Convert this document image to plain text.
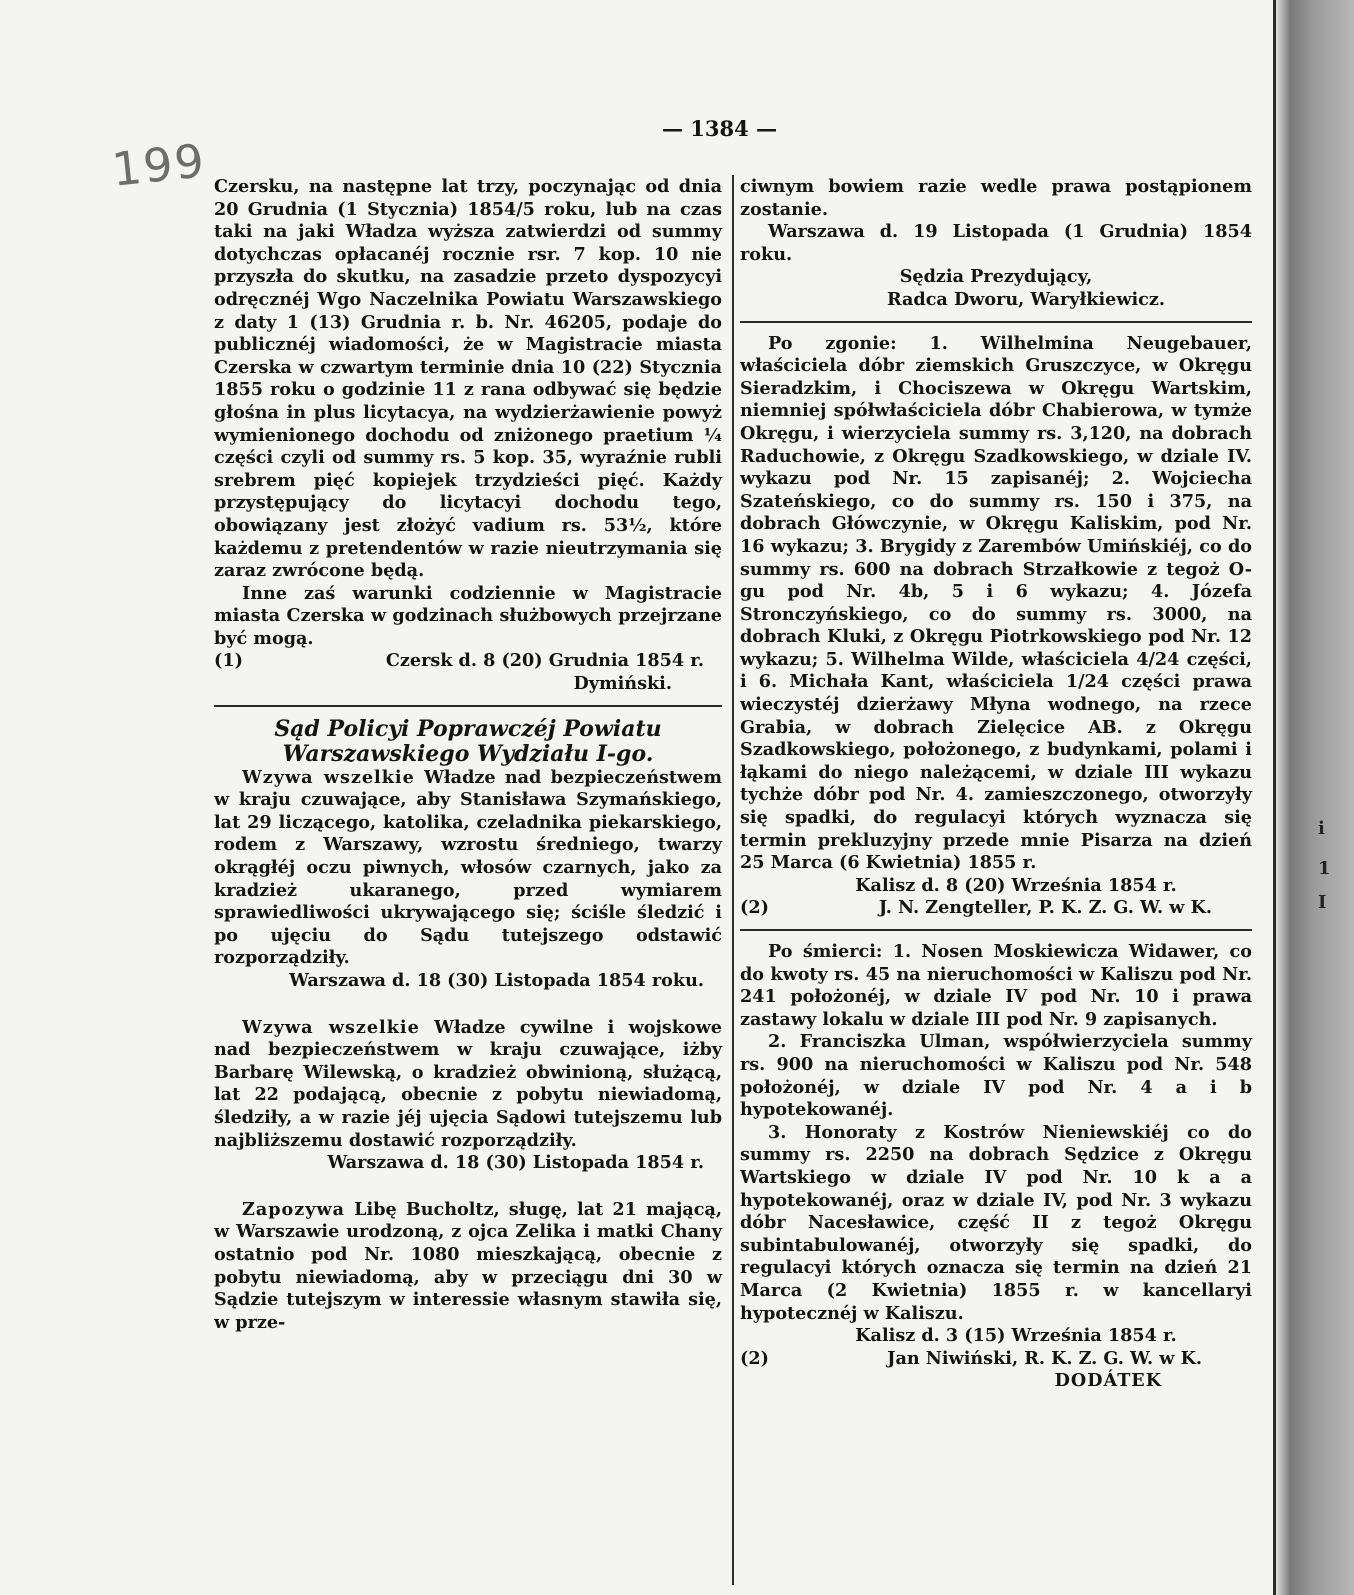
i
1
I
199
— 1384 —

Czersku, na następne lat trzy, poczynając od dnia 20 Grudnia (1 Stycznia) 1854/5 roku, lub na czas taki na jaki Władza wyższa zatwierdzi od summy dotychczas opłacanéj rocznie rsr. 7 kop. 10 nie przyszła do skutku, na zasadzie przeto dyspozycyi odręcznéj Wgo Naczelnika Powiatu Warszawskiego z daty 1 (13) Grudnia r. b. Nr. 46205, podaje do publicznéj wiadomości, że w Magistracie miasta Czerska w czwartym terminie dnia 10 (22) Stycznia 1855 roku o godzinie 11 z rana odbywać się będzie głośna in plus licytacya, na wydzierżawienie powyż wymienionego dochodu od zniżonego praetium ¼ części czyli od summy rs. 5 kop. 35, wyraźnie rubli srebrem pięć kopiejek trzydzieści pięć. Każdy przystępujący do licytacyi dochodu tego, obowiązany jest złożyć vadium rs. 53½, które każdemu z pretendentów w razie nieutrzymania się zaraz zwrócone będą.

Inne zaś warunki codziennie w Magistracie miasta Czerska w godzinach służbowych przejrzane być mogą.

(1)	Czersk d. 8 (20) Grudnia 1854 r.

Dymiński.

Sąd Policyi Poprawczéj Powiatu Warszawskiego Wydziału I-go.

Wzywa wszelkie Władze nad bezpieczeństwem w kraju czuwające, aby Stanisława Szymańskiego, lat 29 liczącego, katolika, czeladnika piekarskiego, rodem z Warszawy, wzrostu średniego, twarzy okrągłéj oczu piwnych, włosów czarnych, jako za kradzież ukaranego, przed wymiarem sprawiedliwości ukrywającego się; ściśle śledzić i po ujęciu do Sądu tutejszego odstawić rozporządziły.

Warszawa d. 18 (30) Listopada 1854 roku.

Wzywa wszelkie Władze cywilne i wojskowe nad bezpieczeństwem w kraju czuwające, iżby Barbarę Wilewską, o kradzież obwinioną, służącą, lat 22 podającą, obecnie z pobytu niewiadomą, śledziły, a w razie jéj ujęcia Sądowi tutejszemu lub najbliższemu dostawić rozporządziły.

Warszawa d. 18 (30) Listopada 1854 r.

Zapozywa Libę Bucholtz, sługę, lat 21 mającą, w Warszawie urodzoną, z ojca Zelika i matki Chany ostatnio pod Nr. 1080 mieszkającą, obecnie z pobytu niewiadomą, aby w przeciągu dni 30 w Sądzie tutejszym w interessie własnym stawiła się, w prze-

ciwnym bowiem razie wedle prawa postąpionem zostanie.

Warszawa d. 19 Listopada (1 Grudnia) 1854 roku.

Sędzia Prezydujący,

Radca Dworu, Waryłkiewicz.

Po zgonie: 1. Wilhelmina Neugebauer, właściciela dóbr ziemskich Gruszczyce, w Okręgu Sieradzkim, i Chociszewa w Okręgu Wartskim, niemniej spółwłaściciela dóbr Chabierowa, w tymże Okręgu, i wierzyciela summy rs. 3,120, na dobrach Raduchowie, z Okręgu Szadkowskiego, w dziale IV. wykazu pod Nr. 15 zapisanéj; 2. Wojciecha Szateńskiego, co do summy rs. 150 i 375, na dobrach Główczynie, w Okręgu Kaliskim, pod Nr. 16 wykazu; 3. Brygidy z Zarembów Umińskiéj, co do summy rs. 600 na dobrach Strzałkowie z tegoż O-gu pod Nr. 4b, 5 i 6 wykazu; 4. Józefa Stronczyńskiego, co do summy rs. 3000, na dobrach Kluki, z Okręgu Piotrkowskiego pod Nr. 12 wykazu; 5. Wilhelma Wilde, właściciela 4/24 części, i 6. Michała Kant, właściciela 1/24 części prawa wieczystéj dzierżawy Młyna wodnego, na rzece Grabia, w dobrach Zielęcice AB. z Okręgu Szadkowskiego, położonego, z budynkami, polami i łąkami do niego należącemi, w dziale III wykazu tychże dóbr pod Nr. 4. zamieszczonego, otworzyły się spadki, do regulacyi których wyznacza się termin prekluzyjny przede mnie Pisarza na dzień 25 Marca (6 Kwietnia) 1855 r.

Kalisz d. 8 (20) Września 1854 r.

(2)	J. N. Zengteller, P. K. Z. G. W. w K.

Po śmierci: 1. Nosen Moskiewicza Widawer, co do kwoty rs. 45 na nieruchomości w Kaliszu pod Nr. 241 położonéj, w dziale IV pod Nr. 10 i prawa zastawy lokalu w dziale III pod Nr. 9 zapisanych.

2. Franciszka Ulman, współwierzyciela summy rs. 900 na nieruchomości w Kaliszu pod Nr. 548 położonéj, w dziale IV pod Nr. 4 a i b hypotekowanéj.

3. Honoraty z Kostrów Nieniewskiéj co do summy rs. 2250 na dobrach Sędzice z Okręgu Wartskiego w dziale IV pod Nr. 10 k a a hypotekowanéj, oraz w dziale IV, pod Nr. 3 wykazu dóbr Nacesławice, część II z tegoż Okręgu subintabulowanéj, otworzyły się spadki, do regulacyi których oznacza się termin na dzień 21 Marca (2 Kwietnia) 1855 r. w kancellaryi hypotecznéj w Kaliszu.

Kalisz d. 3 (15) Września 1854 r.

(2)	Jan Niwiński, R. K. Z. G. W. w K.

DODÁTEK
